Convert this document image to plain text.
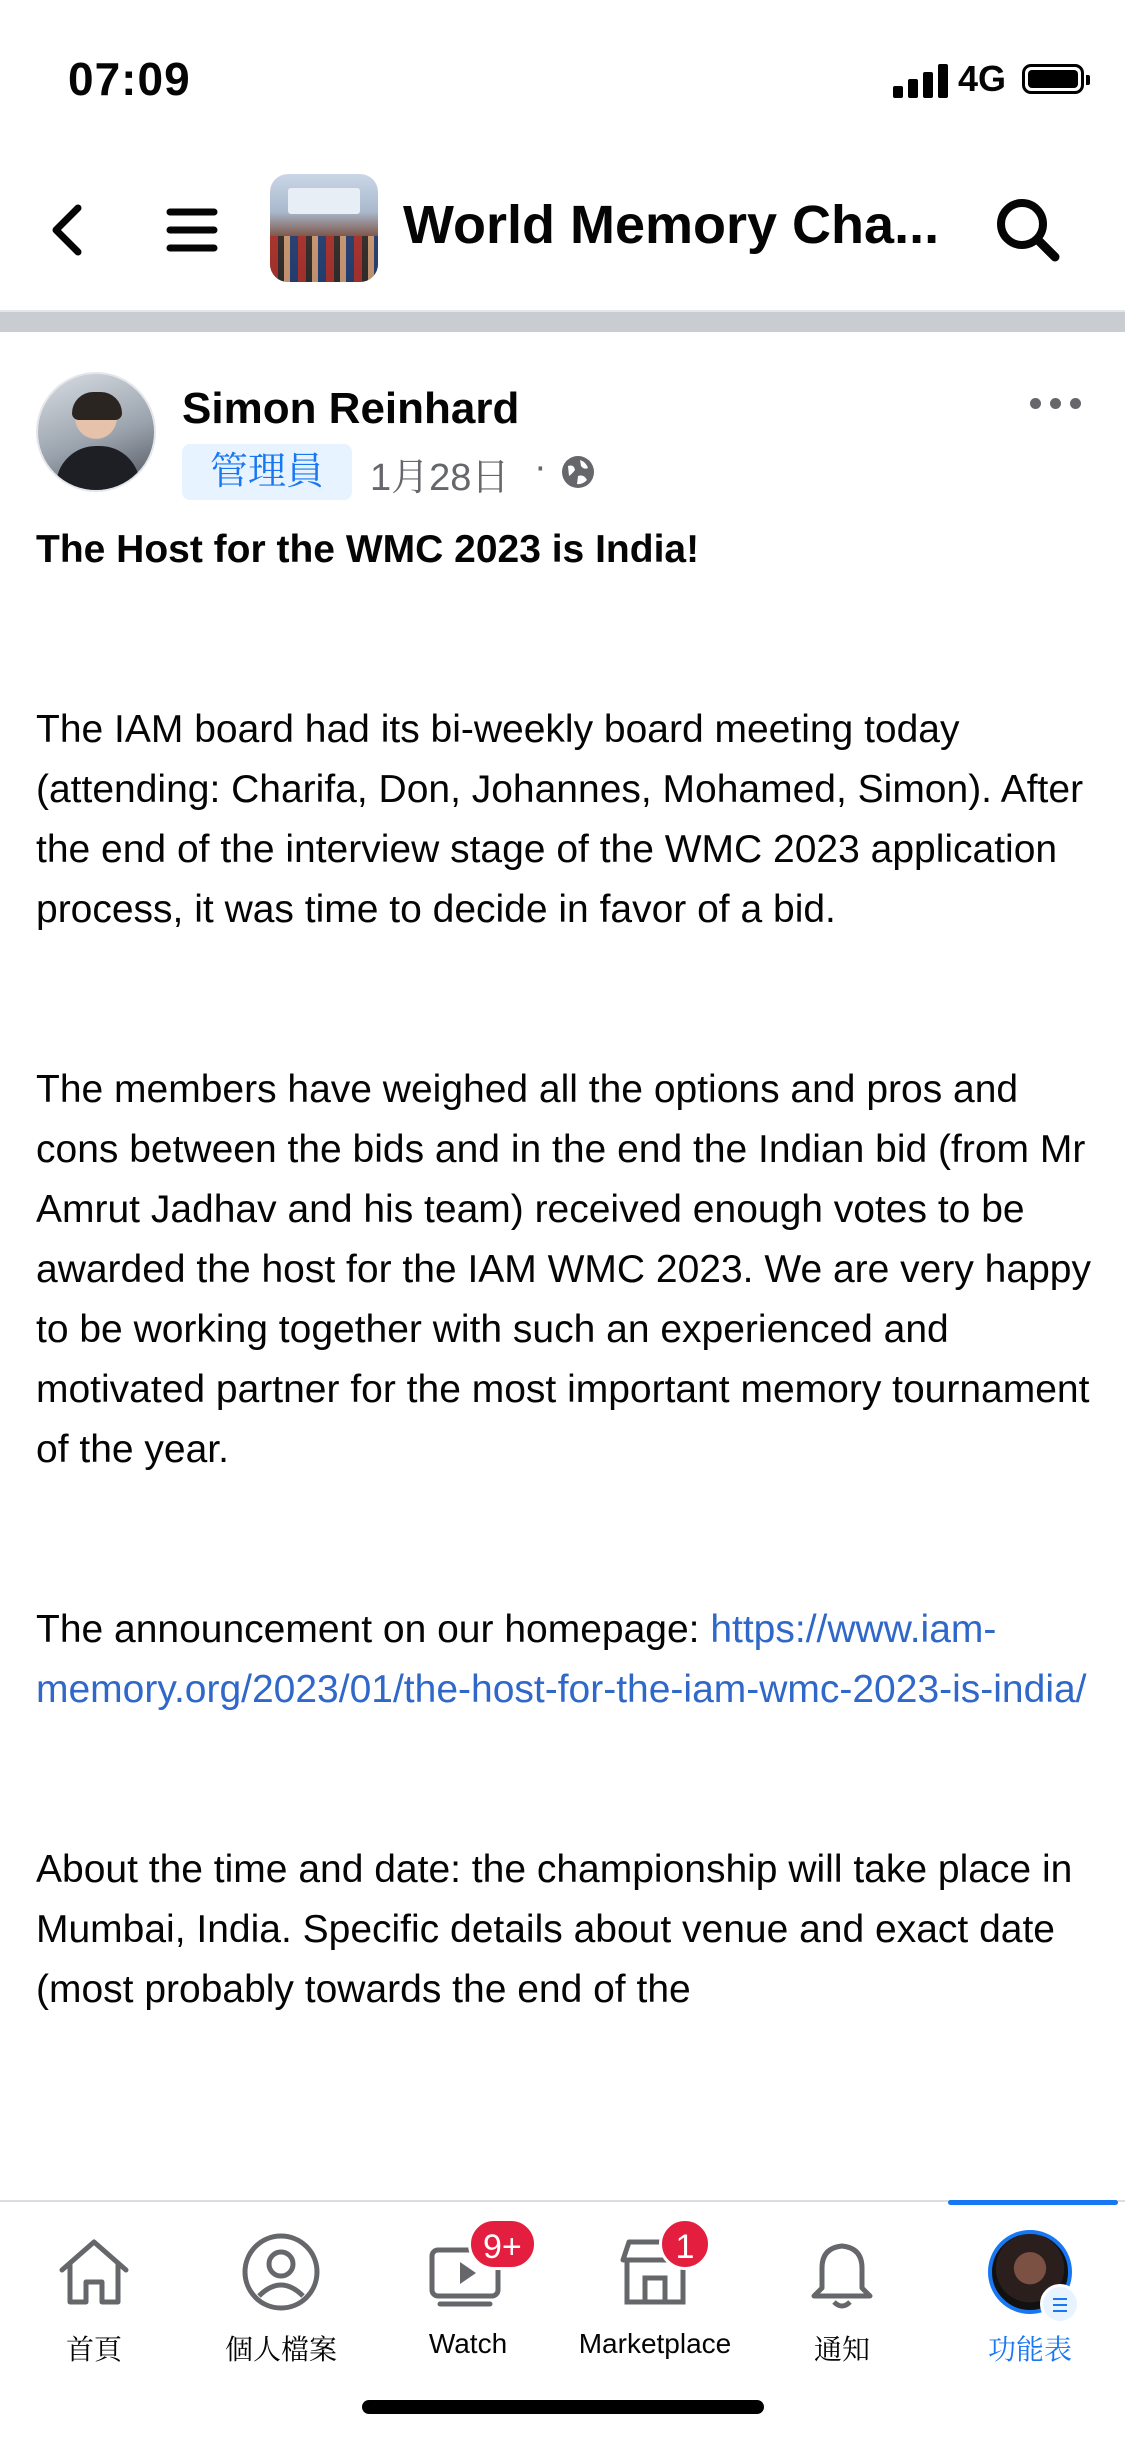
07:09	4G
World Memory Cha...
Simon Reinhard
管理員	1月28日 ·

The Host for the WMC 2023 is India!

The IAM board had its bi-weekly board meeting today (attending: Charifa, Don, Johannes, Mohamed, Simon). After the end of the interview stage of the WMC 2023 application process, it was time to decide in favor of a bid.

The members have weighed all the options and pros and cons between the bids and in the end the Indian bid (from Mr Amrut Jadhav and his team) received enough votes to be awarded the host for the IAM WMC 2023. We are very happy to be working together with such an experienced and motivated partner for the most important memory tournament of the year.

The announcement on our homepage: https://www.iam-memory.org/2023/01/the-host-for-the-iam-wmc-2023-is-india/

About the time and date: the championship will take place in Mumbai, India. Specific details about venue and exact date (most probably towards the end of the

首頁	個人檔案
9+
Watch
1
Marketplace	通知	功能表
